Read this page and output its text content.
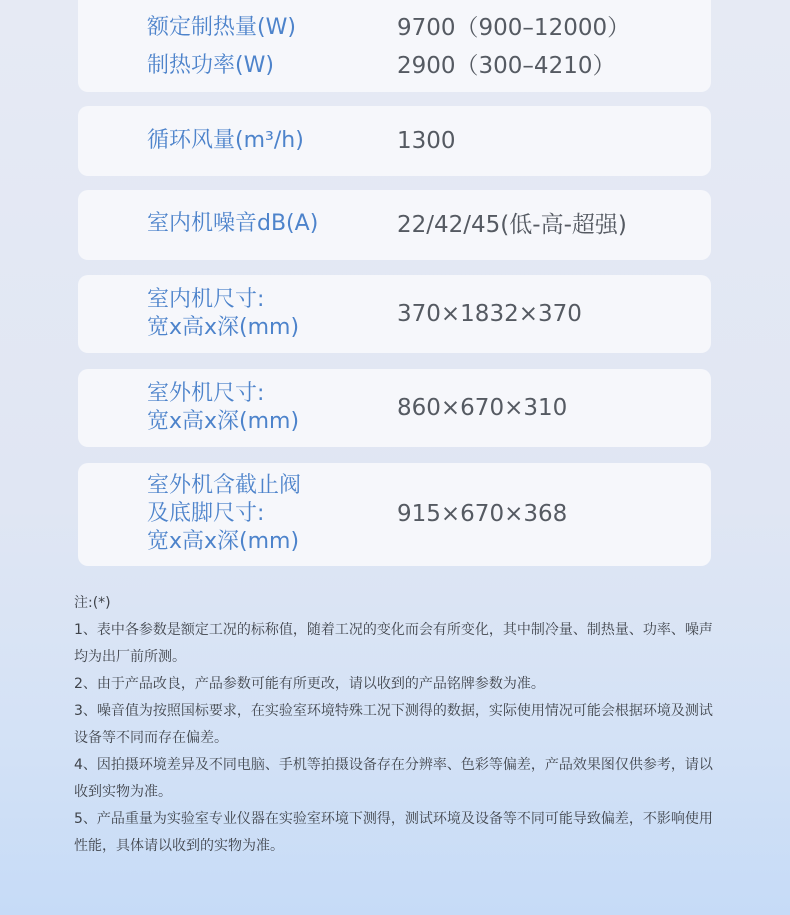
额定制热量(W)
制热功率(W)
9700（900–12000）
2900（300–4210）
循环风量(m³/h)	1300
室内机噪音dB(A)	22/42/45(低-高-超强)
室内机尺寸:
宽x高x深(mm)
370×1832×370
室外机尺寸:
宽x高x深(mm)
860×670×310
室外机含截止阀
及底脚尺寸:
宽x高x深(mm)
915×670×368

注:(*)

1、表中各参数是额定工况的标称值，随着工况的变化而会有所变化，其中制冷量、制热量、功率、噪声均为出厂前所测。

2、由于产品改良，产品参数可能有所更改，请以收到的产品铭牌参数为准。

3、噪音值为按照国标要求，在实验室环境特殊工况下测得的数据，实际使用情况可能会根据环境及测试设备等不同而存在偏差。

4、因拍摄环境差异及不同电脑、手机等拍摄设备存在分辨率、色彩等偏差，产品效果图仅供参考，请以收到实物为准。

5、产品重量为实验室专业仪器在实验室环境下测得，测试环境及设备等不同可能导致偏差，不影响使用性能，具体请以收到的实物为准。
